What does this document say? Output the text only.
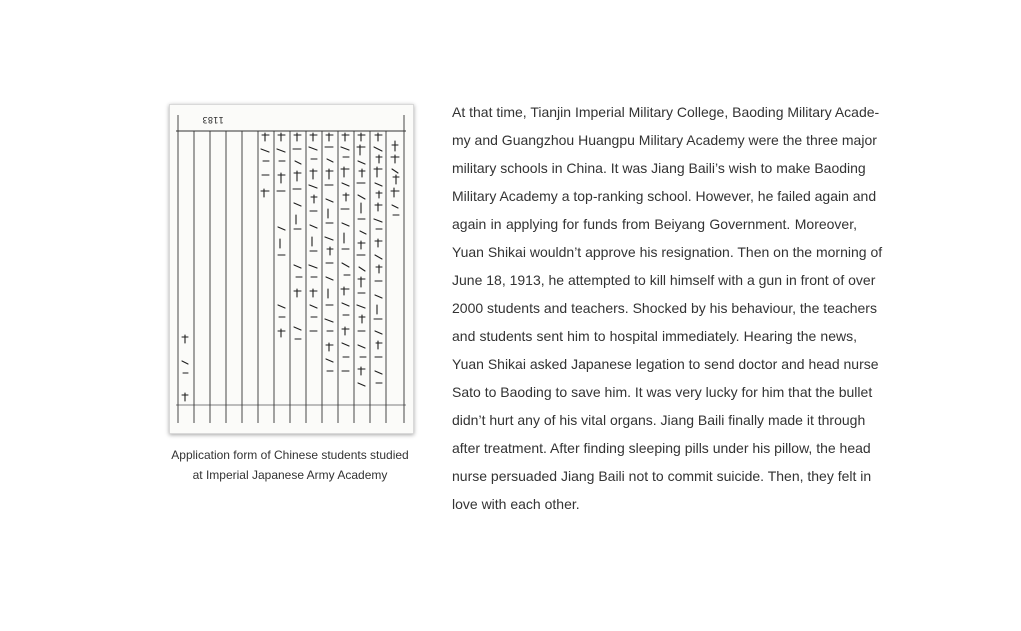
1183
Application form of Chinese students studied
at Imperial Japanese Army Academy
At that time, Tianjin Imperial Military College, Baoding Military Acade-
my and Guangzhou Huangpu Military Academy were the three major
military schools in China. It was Jiang Baili’s wish to make Baoding
Military Academy a top-ranking school. However, he failed again and
again in applying for funds from Beiyang Government. Moreover,
Yuan Shikai wouldn’t approve his resignation. Then on the morning of
June 18, 1913, he attempted to kill himself with a gun in front of over
2000 students and teachers. Shocked by his behaviour, the teachers
and students sent him to hospital immediately. Hearing the news,
Yuan Shikai asked Japanese legation to send doctor and head nurse
Sato to Baoding to save him. It was very lucky for him that the bullet
didn’t hurt any of his vital organs. Jiang Baili finally made it through
after treatment. After finding sleeping pills under his pillow, the head
nurse persuaded Jiang Baili not to commit suicide. Then, they felt in
love with each other.
